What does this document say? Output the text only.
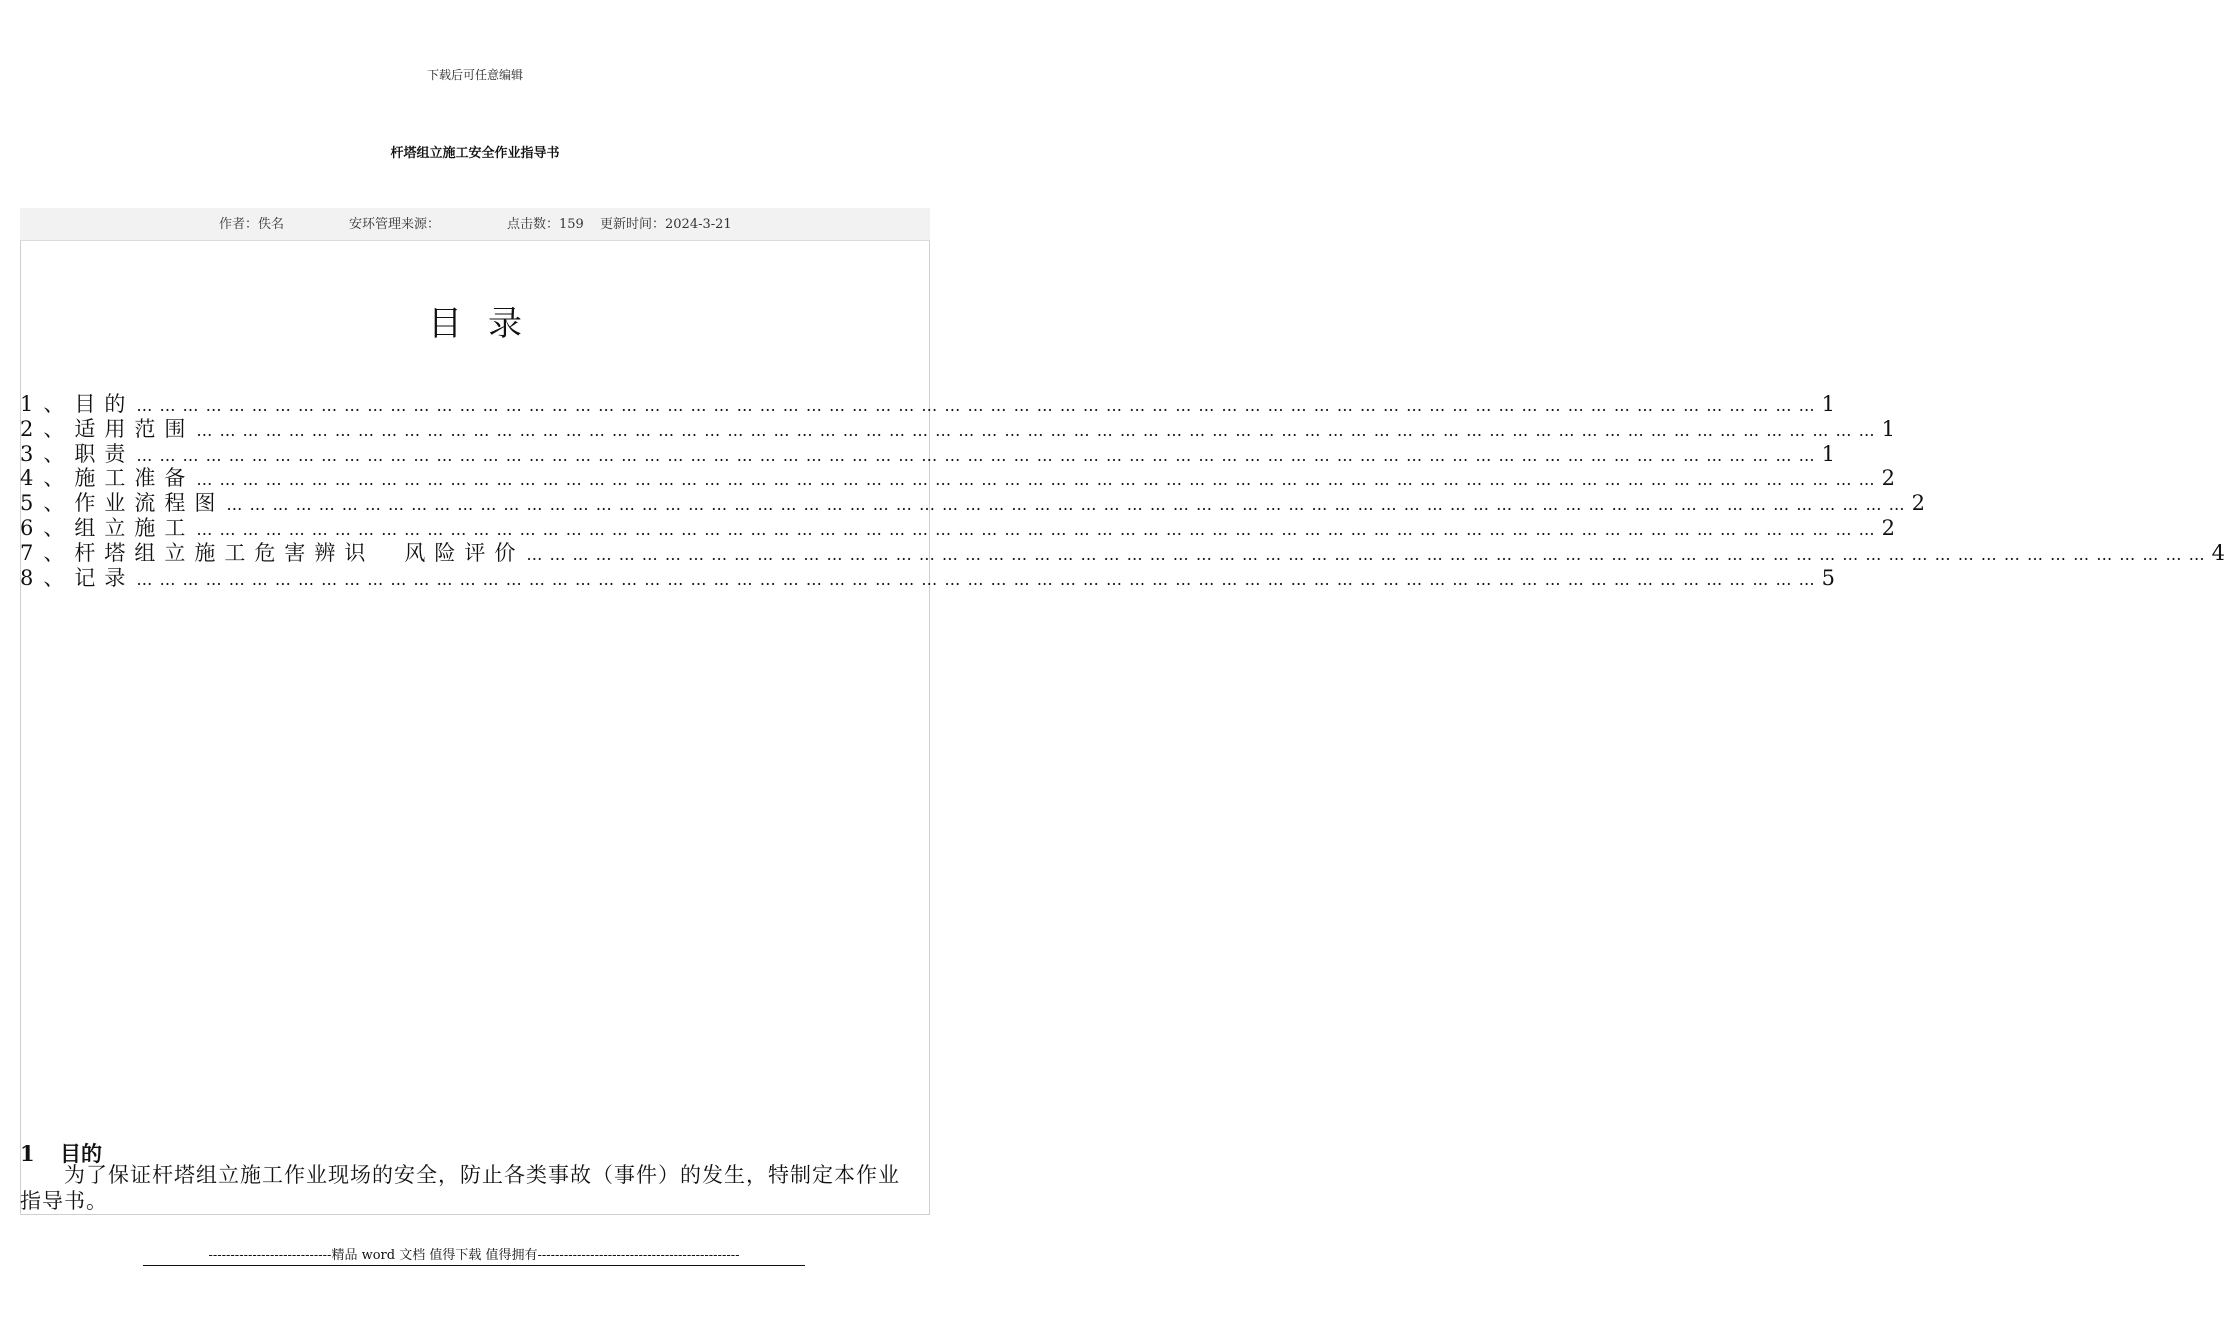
下载后可任意编辑
杆塔组立施工安全作业指导书
作者：佚名	安环管理来源：	点击数：159 更新时间：2024-3-21
目录
1、 目的 … … … … … … … … … … … … … … … … … … … … … … … … … … … … … … … … … … … … … … … … … … … … … … … … … … … … … … … … … … … … … … … … … … … … … … … … …	1
2、 适用范围 … … … … … … … … … … … … … … … … … … … … … … … … … … … … … … … … … … … … … … … … … … … … … … … … … … … … … … … … … … … … … … … … … … … … … … … … …	1
3、 职责 … … … … … … … … … … … … … … … … … … … … … … … … … … … … … … … … … … … … … … … … … … … … … … … … … … … … … … … … … … … … … … … … … … … … … … … … …	1
4、 施工准备 … … … … … … … … … … … … … … … … … … … … … … … … … … … … … … … … … … … … … … … … … … … … … … … … … … … … … … … … … … … … … … … … … … … … … … … … …	2
5、 作业流程图 … … … … … … … … … … … … … … … … … … … … … … … … … … … … … … … … … … … … … … … … … … … … … … … … … … … … … … … … … … … … … … … … … … … … … … … … …	2
6、 组立施工 … … … … … … … … … … … … … … … … … … … … … … … … … … … … … … … … … … … … … … … … … … … … … … … … … … … … … … … … … … … … … … … … … … … … … … … … …	2
7、 杆塔组立施工危害辨识　风险评价 … … … … … … … … … … … … … … … … … … … … … … … … … … … … … … … … … … … … … … … … … … … … … … … … … … … … … … … … … … … … … … … … … … … … … … … … …	4
8、 记录 … … … … … … … … … … … … … … … … … … … … … … … … … … … … … … … … … … … … … … … … … … … … … … … … … … … … … … … … … … … … … … … … … … … … … … … … …	5
1 目的
为了保证杆塔组立施工作业现场的安全，防止各类事故（事件）的发生，特制定本作业指导书。
----------------------------精品 word 文档 值得下载 值得拥有----------------------------------------------
